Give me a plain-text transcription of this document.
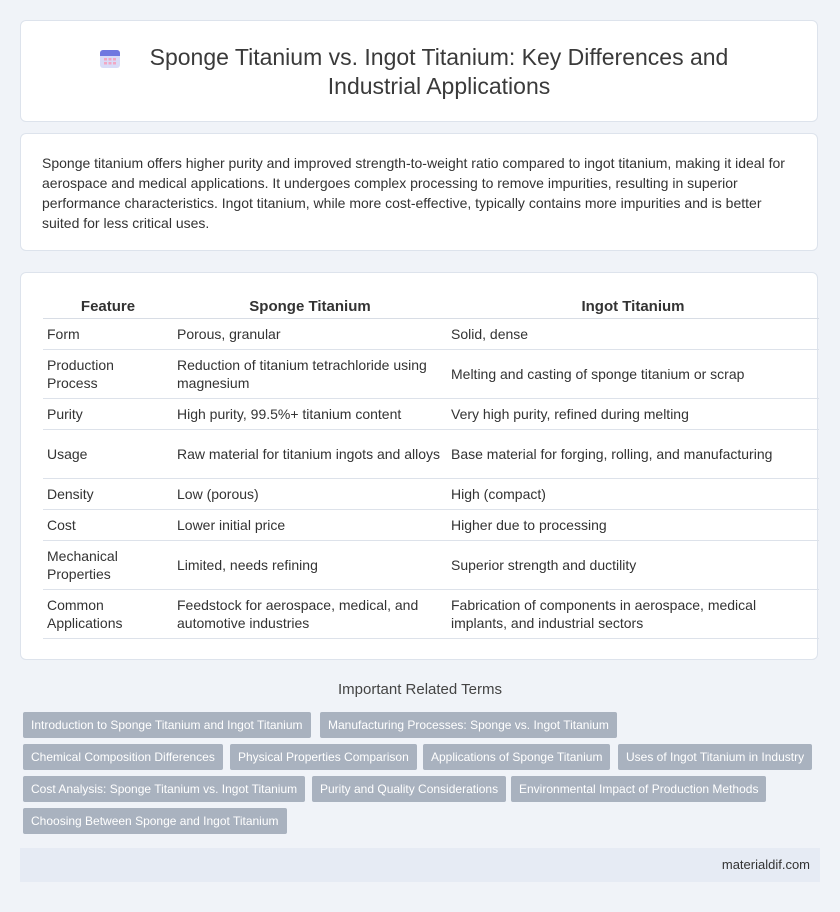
Sponge Titanium vs. Ingot Titanium: Key Differences and Industrial Applications
Sponge titanium offers higher purity and improved strength-to-weight ratio compared to ingot titanium, making it ideal for aerospace and medical applications. It undergoes complex processing to remove impurities, resulting in superior performance characteristics. Ingot titanium, while more cost-effective, typically contains more impurities and is better suited for less critical uses.
Feature	Sponge Titanium	Ingot Titanium
Form	Porous, granular	Solid, dense
Production Process	Reduction of titanium tetrachloride using magnesium	Melting and casting of sponge titanium or scrap
Purity	High purity, 99.5%+ titanium content	Very high purity, refined during melting
Usage	Raw material for titanium ingots and alloys	Base material for forging, rolling, and manufacturing
Density	Low (porous)	High (compact)
Cost	Lower initial price	Higher due to processing
Mechanical Properties	Limited, needs refining	Superior strength and ductility
Common Applications	Feedstock for aerospace, medical, and automotive industries	Fabrication of components in aerospace, medical implants, and industrial sectors
Important Related Terms
Introduction to Sponge Titanium and Ingot Titanium	Manufacturing Processes: Sponge vs. Ingot Titanium
Chemical Composition Differences	Physical Properties Comparison	Applications of Sponge Titanium	Uses of Ingot Titanium in Industry
Cost Analysis: Sponge Titanium vs. Ingot Titanium	Purity and Quality Considerations	Environmental Impact of Production Methods
Choosing Between Sponge and Ingot Titanium
materialdif.com
